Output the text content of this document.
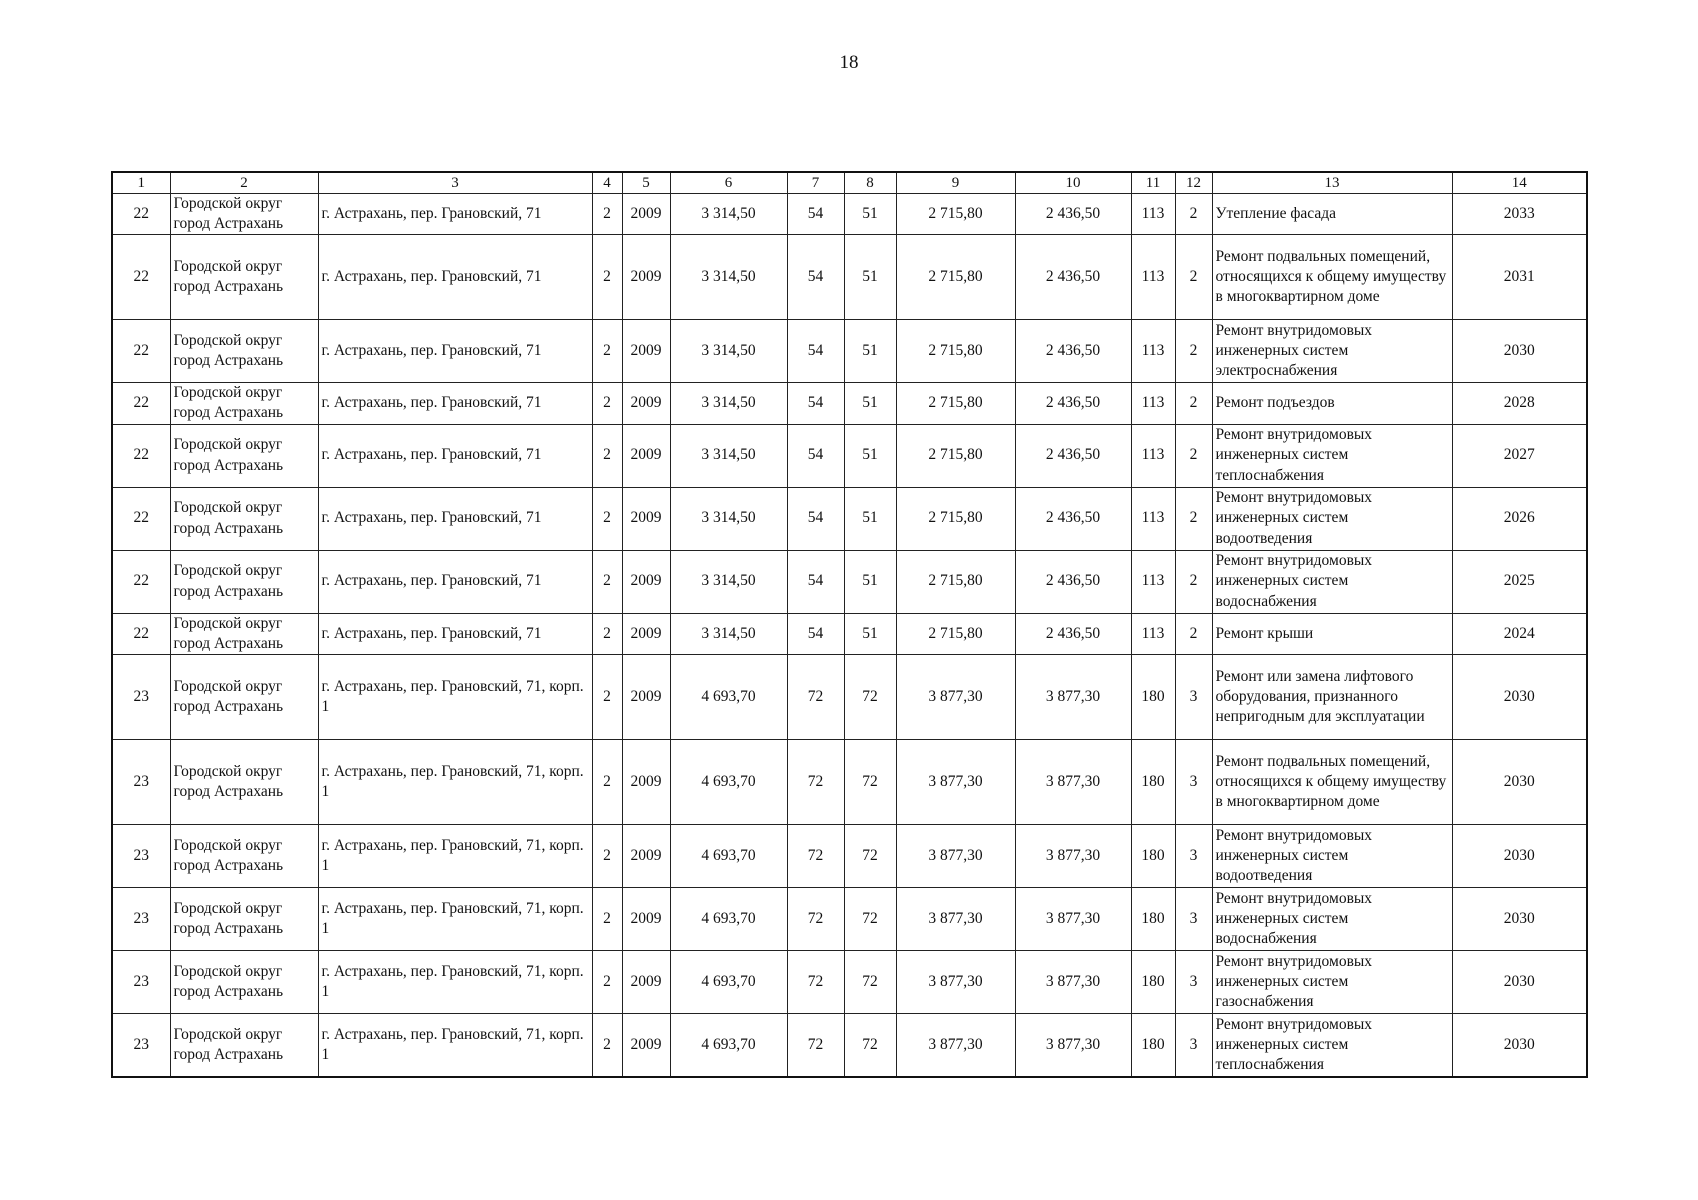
18
1	2	3	4	5	6	7	8	9	10	11	12	13	14
22	Городской округ город Астрахань	г. Астрахань, пер. Грановский, 71	2	2009	3 314,50	54	51	2 715,80	2 436,50	113	2	Утепление фасада	2033
22	Городской округ город Астрахань	г. Астрахань, пер. Грановский, 71	2	2009	3 314,50	54	51	2 715,80	2 436,50	113	2	Ремонт подвальных помещений, относящихся к общему имуществу в многоквартирном доме	2031
22	Городской округ город Астрахань	г. Астрахань, пер. Грановский, 71	2	2009	3 314,50	54	51	2 715,80	2 436,50	113	2	Ремонт внутридомовых инженерных систем электроснабжения	2030
22	Городской округ город Астрахань	г. Астрахань, пер. Грановский, 71	2	2009	3 314,50	54	51	2 715,80	2 436,50	113	2	Ремонт подъездов	2028
22	Городской округ город Астрахань	г. Астрахань, пер. Грановский, 71	2	2009	3 314,50	54	51	2 715,80	2 436,50	113	2	Ремонт внутридомовых инженерных систем теплоснабжения	2027
22	Городской округ город Астрахань	г. Астрахань, пер. Грановский, 71	2	2009	3 314,50	54	51	2 715,80	2 436,50	113	2	Ремонт внутридомовых инженерных систем водоотведения	2026
22	Городской округ город Астрахань	г. Астрахань, пер. Грановский, 71	2	2009	3 314,50	54	51	2 715,80	2 436,50	113	2	Ремонт внутридомовых инженерных систем водоснабжения	2025
22	Городской округ город Астрахань	г. Астрахань, пер. Грановский, 71	2	2009	3 314,50	54	51	2 715,80	2 436,50	113	2	Ремонт крыши	2024
23	Городской округ город Астрахань	г. Астрахань, пер. Грановский, 71, корп. 1	2	2009	4 693,70	72	72	3 877,30	3 877,30	180	3	Ремонт или замена лифтового оборудования, признанного непригодным для эксплуатации	2030
23	Городской округ город Астрахань	г. Астрахань, пер. Грановский, 71, корп. 1	2	2009	4 693,70	72	72	3 877,30	3 877,30	180	3	Ремонт подвальных помещений, относящихся к общему имуществу в многоквартирном доме	2030
23	Городской округ город Астрахань	г. Астрахань, пер. Грановский, 71, корп. 1	2	2009	4 693,70	72	72	3 877,30	3 877,30	180	3	Ремонт внутридомовых инженерных систем водоотведения	2030
23	Городской округ город Астрахань	г. Астрахань, пер. Грановский, 71, корп. 1	2	2009	4 693,70	72	72	3 877,30	3 877,30	180	3	Ремонт внутридомовых инженерных систем водоснабжения	2030
23	Городской округ город Астрахань	г. Астрахань, пер. Грановский, 71, корп. 1	2	2009	4 693,70	72	72	3 877,30	3 877,30	180	3	Ремонт внутридомовых инженерных систем газоснабжения	2030
23	Городской округ город Астрахань	г. Астрахань, пер. Грановский, 71, корп. 1	2	2009	4 693,70	72	72	3 877,30	3 877,30	180	3	Ремонт внутридомовых инженерных систем теплоснабжения	2030
